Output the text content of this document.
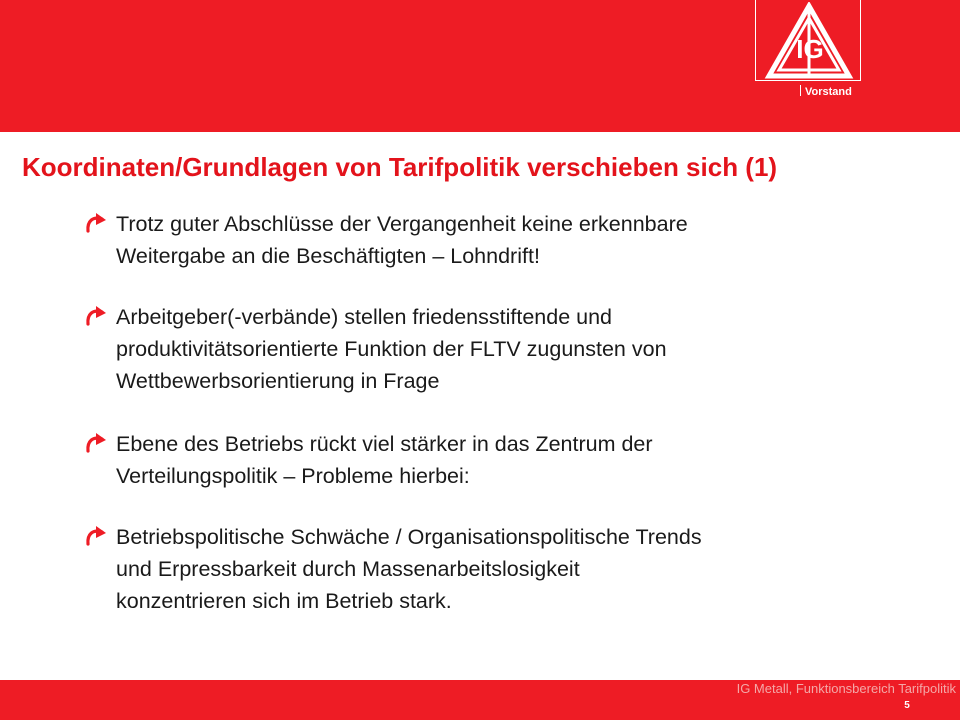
IG
Vorstand
Koordinaten/Grundlagen von Tarifpolitik verschieben sich (1)
Trotz guter Abschlüsse der Vergangenheit keine erkennbare
Weitergabe an die Beschäftigten – Lohndrift!
Arbeitgeber(-verbände) stellen friedensstiftende und
produktivitätsorientierte Funktion der FLTV zugunsten von
Wettbewerbsorientierung in Frage
Ebene des Betriebs rückt viel stärker in das Zentrum der
Verteilungspolitik – Probleme hierbei:
Betriebspolitische Schwäche / Organisationspolitische Trends
und Erpressbarkeit durch Massenarbeitslosigkeit
konzentrieren sich im Betrieb stark.
IG Metall, Funktionsbereich Tarifpolitik
5
